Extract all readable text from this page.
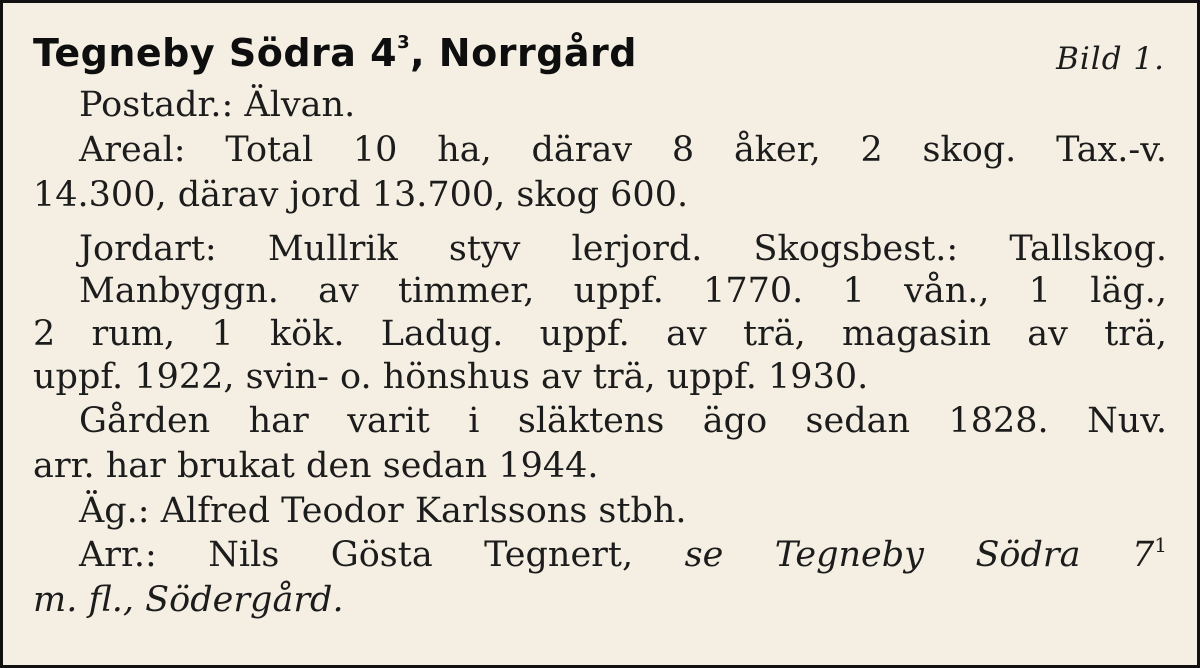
Tegneby Södra $4^3$, Norrgård	Bild 1.
Postadr.: Älvan.
Areal: Total 10 ha, därav 8 åker, 2 skog. Tax.-v.
14.300, därav jord 13.700, skog 600.
Jordart: Mullrik styv lerjord. Skogsbest.: Tallskog.
Manbyggn. av timmer, uppf. 1770. 1 vån., 1 läg.,
2 rum, 1 kök. Ladug. uppf. av trä, magasin av trä,
uppf. 1922, svin- o. hönshus av trä, uppf. 1930.
Gården har varit i släktens ägo sedan 1828. Nuv.
arr. har brukat den sedan 1944.
Äg.: Alfred Teodor Karlssons stbh.
Arr.: Nils Gösta Tegnert, se Tegneby Södra 7$^1$
m. fl., Södergård.
